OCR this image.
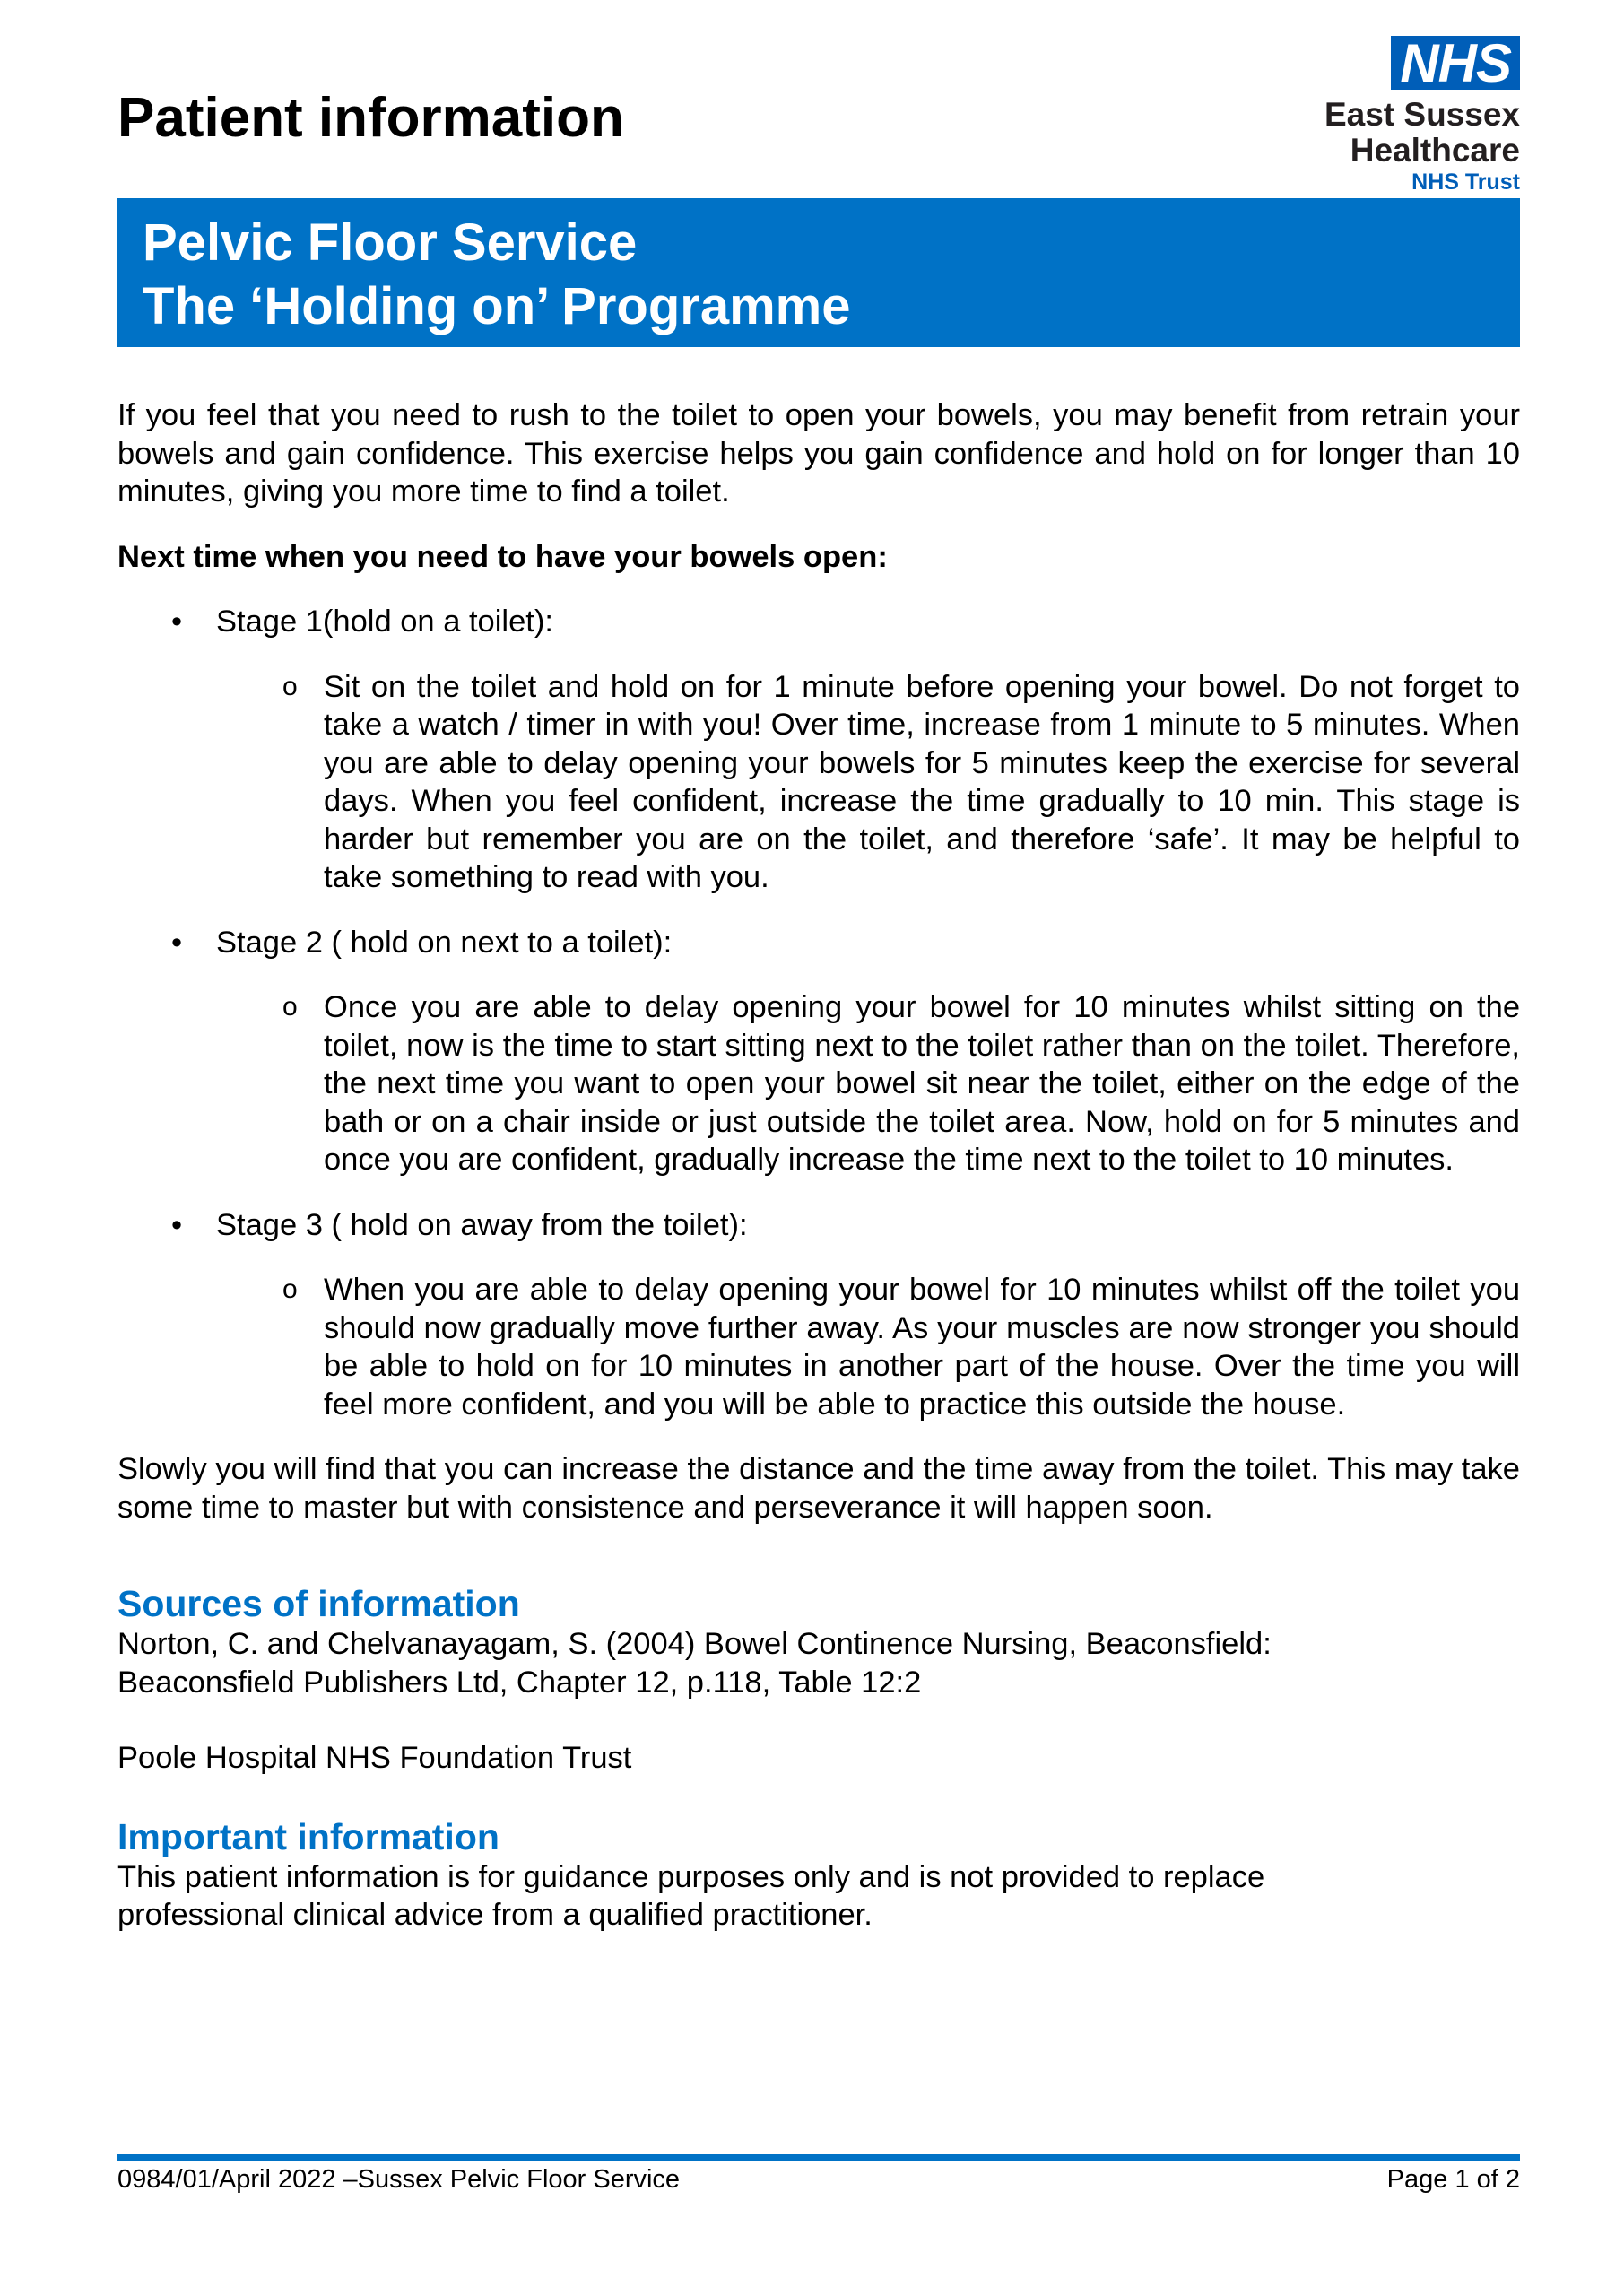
Patient information
NHS
East Sussex Healthcare
NHS Trust
Pelvic Floor Service
The ‘Holding on’ Programme

If you feel that you need to rush to the toilet to open your bowels, you may benefit from retrain your bowels and gain confidence. This exercise helps you gain confidence and hold on for longer than 10 minutes, giving you more time to find a toilet.

Next time when you need to have your bowels open:

• Stage 1(hold on a toilet):
o Sit on the toilet and hold on for 1 minute before opening your bowel. Do not forget to take a watch / timer in with you! Over time, increase from 1 minute to 5 minutes. When you are able to delay opening your bowels for 5 minutes keep the exercise for several days. When you feel confident, increase the time gradually to 10 min. This stage is harder but remember you are on the toilet, and therefore ‘safe’. It may be helpful to take something to read with you.
• Stage 2 ( hold on next to a toilet):
o Once you are able to delay opening your bowel for 10 minutes whilst sitting on the toilet, now is the time to start sitting next to the toilet rather than on the toilet. Therefore, the next time you want to open your bowel sit near the toilet, either on the edge of the bath or on a chair inside or just outside the toilet area. Now, hold on for 5 minutes and once you are confident, gradually increase the time next to the toilet to 10 minutes.
• Stage 3 ( hold on away from the toilet):
o When you are able to delay opening your bowel for 10 minutes whilst off the toilet you should now gradually move further away. As your muscles are now stronger you should be able to hold on for 10 minutes in another part of the house. Over the time you will feel more confident, and you will be able to practice this outside the house.

Slowly you will find that you can increase the distance and the time away from the toilet. This may take some time to master but with consistence and perseverance it will happen soon.

Sources of information

Norton, C. and Chelvanayagam, S. (2004) Bowel Continence Nursing, Beaconsfield:

Beaconsfield Publishers Ltd, Chapter 12, p.118, Table 12:2

Poole Hospital NHS Foundation Trust

Important information

This patient information is for guidance purposes only and is not provided to replace

professional clinical advice from a qualified practitioner.

0984/01/April 2022 –Sussex Pelvic Floor Service	Page 1 of 2
